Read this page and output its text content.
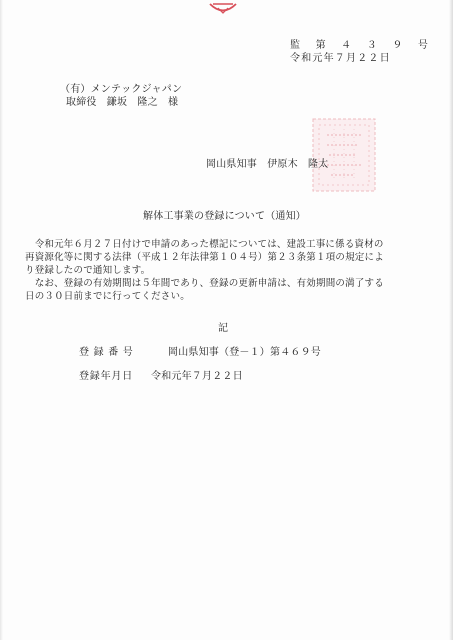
監 第 ４ ３ ９ 号
令和元年７月２２日
（有）メンテックジャパン
取締役　鎌坂　隆之　様
岡山県知事　伊原木　隆太
解体工事業の登録について（通知）
　令和元年６月２７日付けで申請のあった標記については、建設工事に係る資材の
再資源化等に関する法律（平成１２年法律第１０４号）第２３条第１項の規定によ
り登録したので通知します。
　なお、登録の有効期間は５年間であり、登録の更新申請は、有効期間の満了する
日の３０日前までに行ってください。
記
登録番号	岡山県知事（登－１）第４６９号
登録年月日 令和元年７月２２日
